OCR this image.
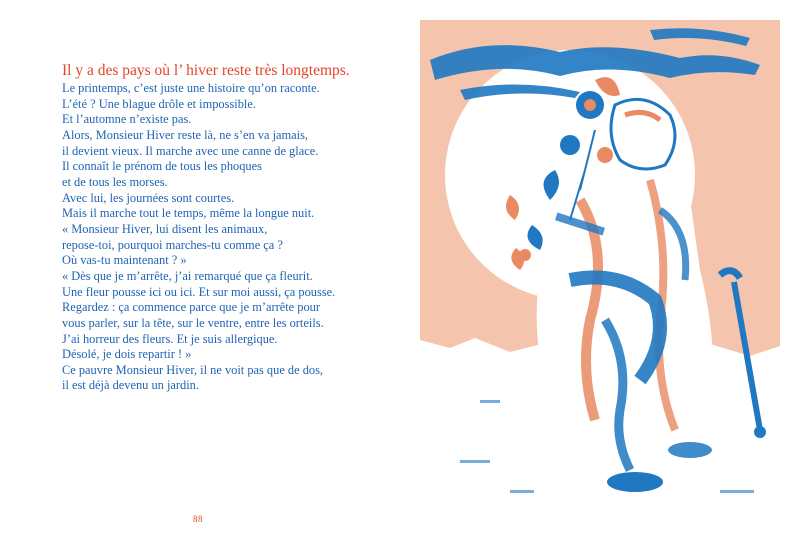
Il y a des pays où l’ hiver reste très longtemps.
Le printemps, c’est juste une histoire qu’on raconte.
L’été ? Une blague drôle et impossible.
Et l’automne n’existe pas.
Alors, Monsieur Hiver reste là, ne s’en va jamais,
il devient vieux. Il marche avec une canne de glace.
Il connaît le prénom de tous les phoques
et de tous les morses.
Avec lui, les journées sont courtes.
Mais il marche tout le temps, même la longue nuit.
« Monsieur Hiver, lui disent les animaux,
repose-toi, pourquoi marches-tu comme ça ?
Où vas-tu maintenant ? »
« Dès que je m’arrête, j’ai remarqué que ça fleurit.
Une fleur pousse ici ou ici. Et sur moi aussi, ça pousse.
Regardez : ça commence parce que je m’arrête pour
vous parler, sur la tête, sur le ventre, entre les orteils.
J’ai horreur des fleurs. Et je suis allergique.
Désolé, je dois repartir ! »
Ce pauvre Monsieur Hiver, il ne voit pas que de dos,
il est déjà devenu un jardin.
88
